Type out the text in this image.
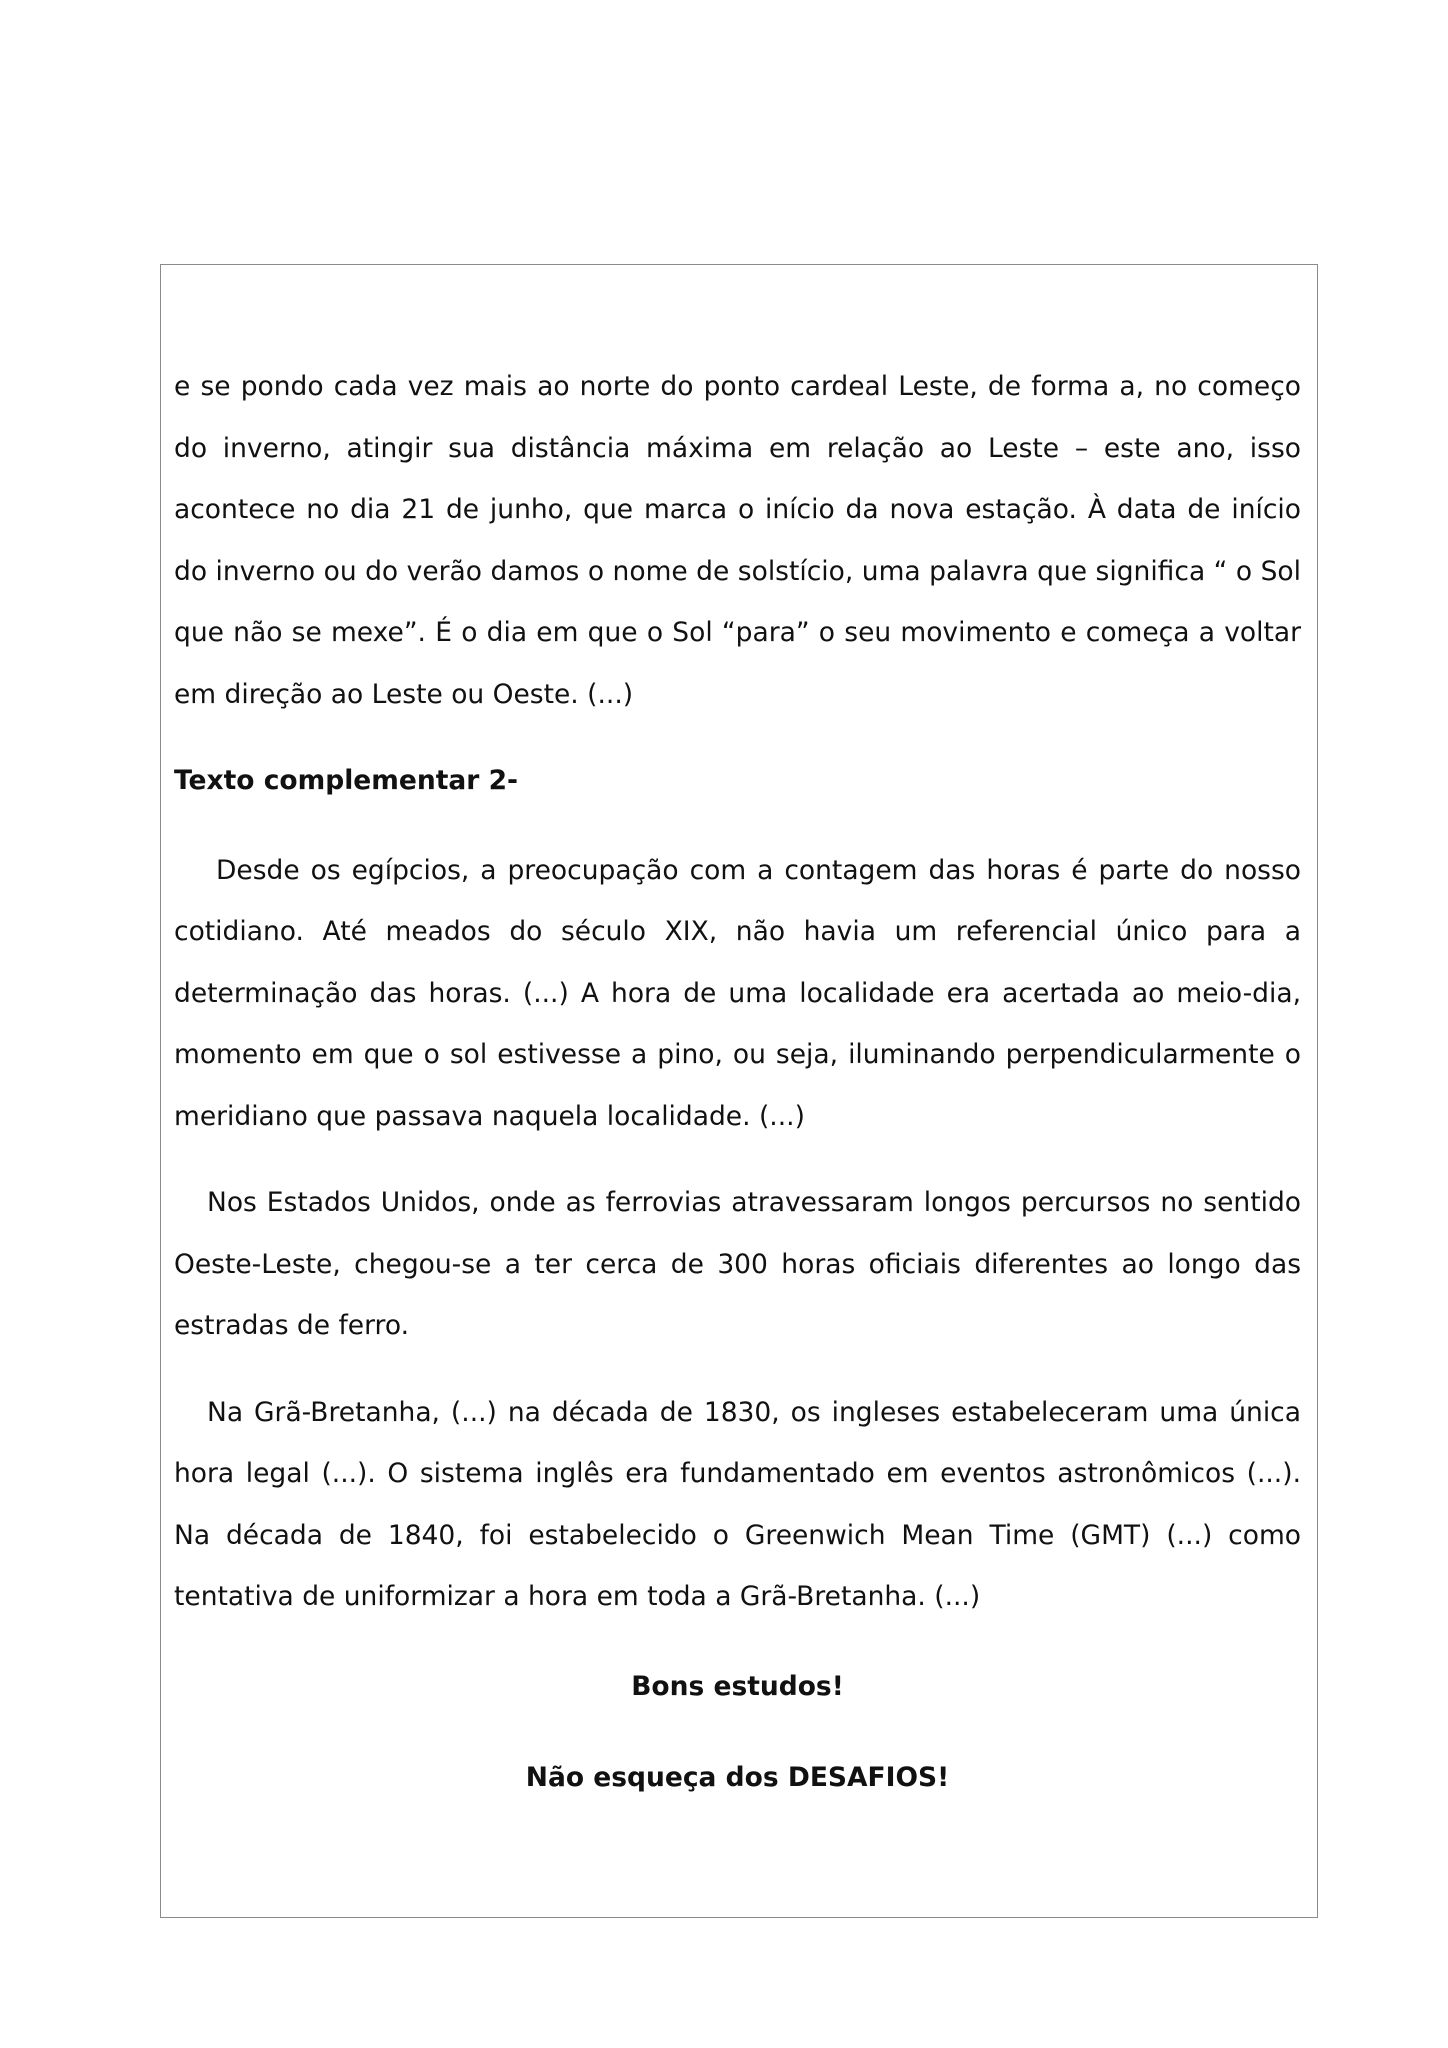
e se pondo cada vez mais ao norte do ponto cardeal Leste, de forma a, no começo do inverno, atingir sua distância máxima em relação ao Leste – este ano, isso acontece no dia 21 de junho, que marca o início da nova estação. À data de início do inverno ou do verão damos o nome de solstício, uma palavra que significa “ o Sol que não se mexe”. É o dia em que o Sol “para” o seu movimento e começa a voltar em direção ao Leste ou Oeste. (...)

Texto complementar 2-

Desde os egípcios, a preocupação com a contagem das horas é parte do nosso cotidiano. Até meados do século XIX, não havia um referencial único para a determinação das horas. (...) A hora de uma localidade era acertada ao meio-dia, momento em que o sol estivesse a pino, ou seja, iluminando perpendicularmente o meridiano que passava naquela localidade. (...)

Nos Estados Unidos, onde as ferrovias atravessaram longos percursos no sentido Oeste-Leste, chegou-se a ter cerca de 300 horas oficiais diferentes ao longo das estradas de ferro.

Na Grã-Bretanha, (...) na década de 1830, os ingleses estabeleceram uma única hora legal (...). O sistema inglês era fundamentado em eventos astronômicos (...). Na década de 1840, foi estabelecido o Greenwich Mean Time (GMT) (...) como tentativa de uniformizar a hora em toda a Grã-Bretanha. (...)

Bons estudos!

Não esqueça dos DESAFIOS!
